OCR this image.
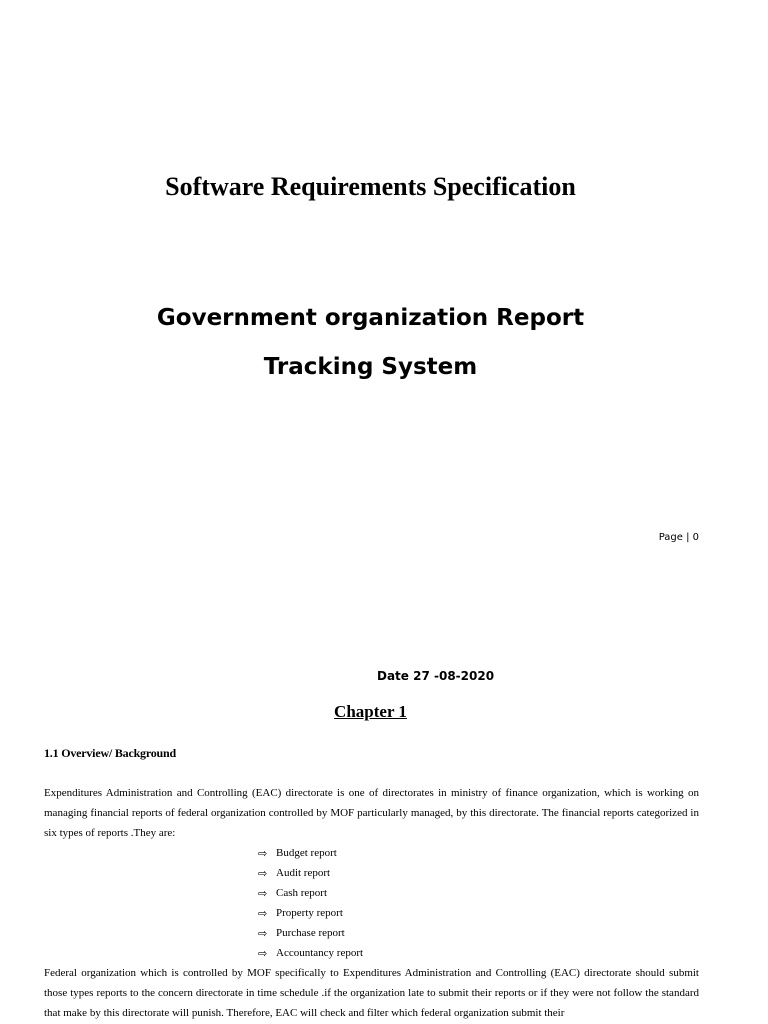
Software Requirements Specification
Government organization Report
Tracking System
Page | 0
Date 27 -08-2020
Chapter 1
1.1 Overview/ Background

Expenditures Administration and Controlling (EAC) directorate is one of directorates in ministry of finance organization, which is working on managing financial reports of federal organization controlled by MOF particularly managed, by this directorate. The financial reports categorized in six types of reports .They are:

⇨ Budget report
⇨ Audit report
⇨ Cash report
⇨ Property report
⇨ Purchase report
⇨ Accountancy report

Federal organization which is controlled by MOF specifically to Expenditures Administration and Controlling (EAC) directorate should submit those types reports to the concern directorate in time schedule .if the organization late to submit their reports or if they were not follow the standard that make by this directorate will punish. Therefore, EAC will check and filter which federal organization submit their
